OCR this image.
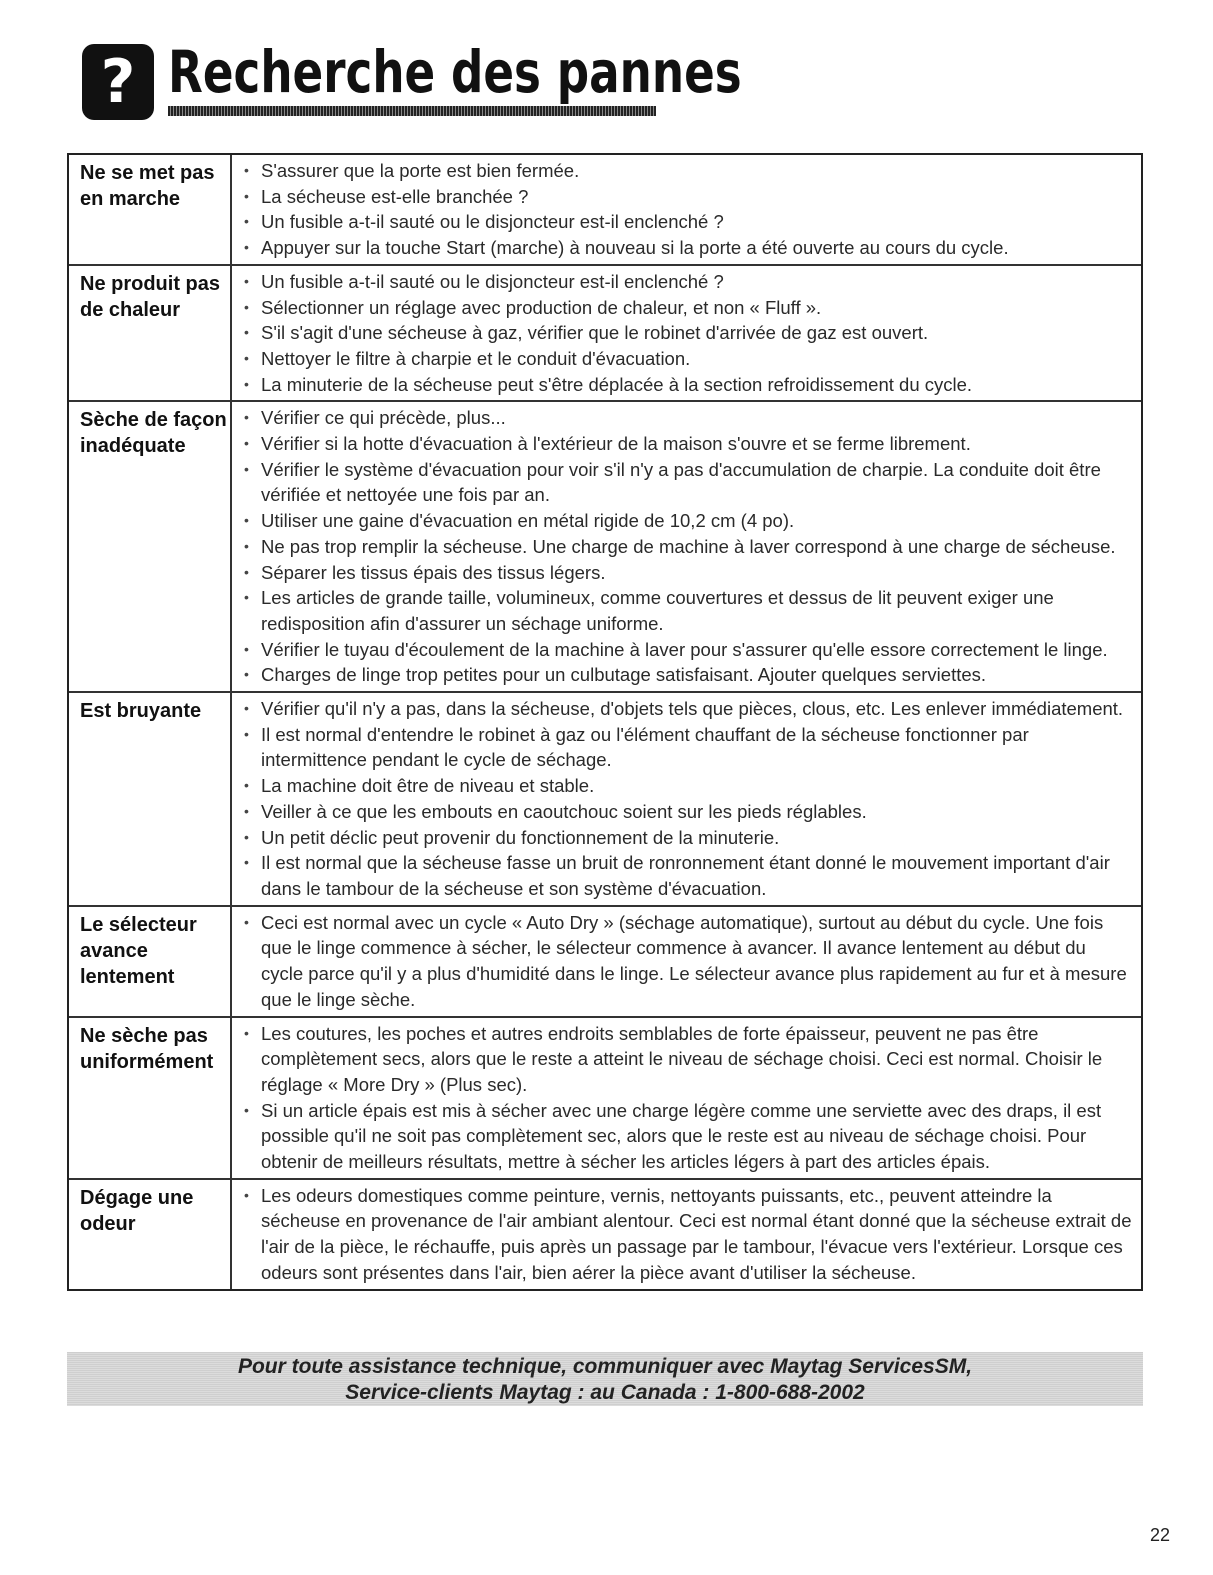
? Recherche des pannes
Ne se met pas en marche
• S'assurer que la porte est bien fermée.
• La sécheuse est-elle branchée ?
• Un fusible a-t-il sauté ou le disjoncteur est-il enclenché ?
• Appuyer sur la touche Start (marche) à nouveau si la porte a été ouverte au cours du cycle.
Ne produit pas de chaleur
• Un fusible a-t-il sauté ou le disjoncteur est-il enclenché ?
• Sélectionner un réglage avec production de chaleur, et non « Fluff ».
• S'il s'agit d'une sécheuse à gaz, vérifier que le robinet d'arrivée de gaz est ouvert.
• Nettoyer le filtre à charpie et le conduit d'évacuation.
• La minuterie de la sécheuse peut s'être déplacée à la section refroidissement du cycle.
Sèche de façon inadéquate
• Vérifier ce qui précède, plus...
• Vérifier si la hotte d'évacuation à l'extérieur de la maison s'ouvre et se ferme librement.
• Vérifier le système d'évacuation pour voir s'il n'y a pas d'accumulation de charpie. La conduite doit être vérifiée et nettoyée une fois par an.
• Utiliser une gaine d'évacuation en métal rigide de 10,2 cm (4 po).
• Ne pas trop remplir la sécheuse. Une charge de machine à laver correspond à une charge de sécheuse.
• Séparer les tissus épais des tissus légers.
• Les articles de grande taille, volumineux, comme couvertures et dessus de lit peuvent exiger une redisposition afin d'assurer un séchage uniforme.
• Vérifier le tuyau d'écoulement de la machine à laver pour s'assurer qu'elle essore correctement le linge.
• Charges de linge trop petites pour un culbutage satisfaisant. Ajouter quelques serviettes.
Est bruyante
•	Vérifier qu'il n'y a pas, dans la sécheuse, d'objets tels que pièces, clous, etc. Les enlever immédiatement.
• Il est normal d'entendre le robinet à gaz ou l'élément chauffant de la sécheuse fonctionner par intermittence pendant le cycle de séchage.
• La machine doit être de niveau et stable.
• Veiller à ce que les embouts en caoutchouc soient sur les pieds réglables.
• Un petit déclic peut provenir du fonctionnement de la minuterie.
• Il est normal que la sécheuse fasse un bruit de ronronnement étant donné le mouvement important d'air dans le tambour de la sécheuse et son système d'évacuation.
Le sélecteur avance lentement
• Ceci est normal avec un cycle « Auto Dry » (séchage automatique), surtout au début du cycle. Une fois que le linge commence à sécher, le sélecteur commence à avancer. Il avance lentement au début du cycle parce qu'il y a plus d'humidité dans le linge. Le sélecteur avance plus rapidement au fur et à mesure que le linge sèche.
Ne sèche pas uniformément
• Les coutures, les poches et autres endroits semblables de forte épaisseur, peuvent ne pas être complètement secs, alors que le reste a atteint le niveau de séchage choisi. Ceci est normal. Choisir le réglage « More Dry » (Plus sec).
• Si un article épais est mis à sécher avec une charge légère comme une serviette avec des draps, il est possible qu'il ne soit pas complètement sec, alors que le reste est au niveau de séchage choisi. Pour obtenir de meilleurs résultats, mettre à sécher les articles légers à part des articles épais.
Dégage une odeur
• Les odeurs domestiques comme peinture, vernis, nettoyants puissants, etc., peuvent atteindre la sécheuse en provenance de l'air ambiant alentour. Ceci est normal étant donné que la sécheuse extrait de l'air de la pièce, le réchauffe, puis après un passage par le tambour, l'évacue vers l'extérieur. Lorsque ces odeurs sont présentes dans l'air, bien aérer la pièce avant d'utiliser la sécheuse.
Pour toute assistance technique, communiquer avec Maytag ServicesSM,
Service-clients Maytag : au Canada : 1-800-688-2002
22
